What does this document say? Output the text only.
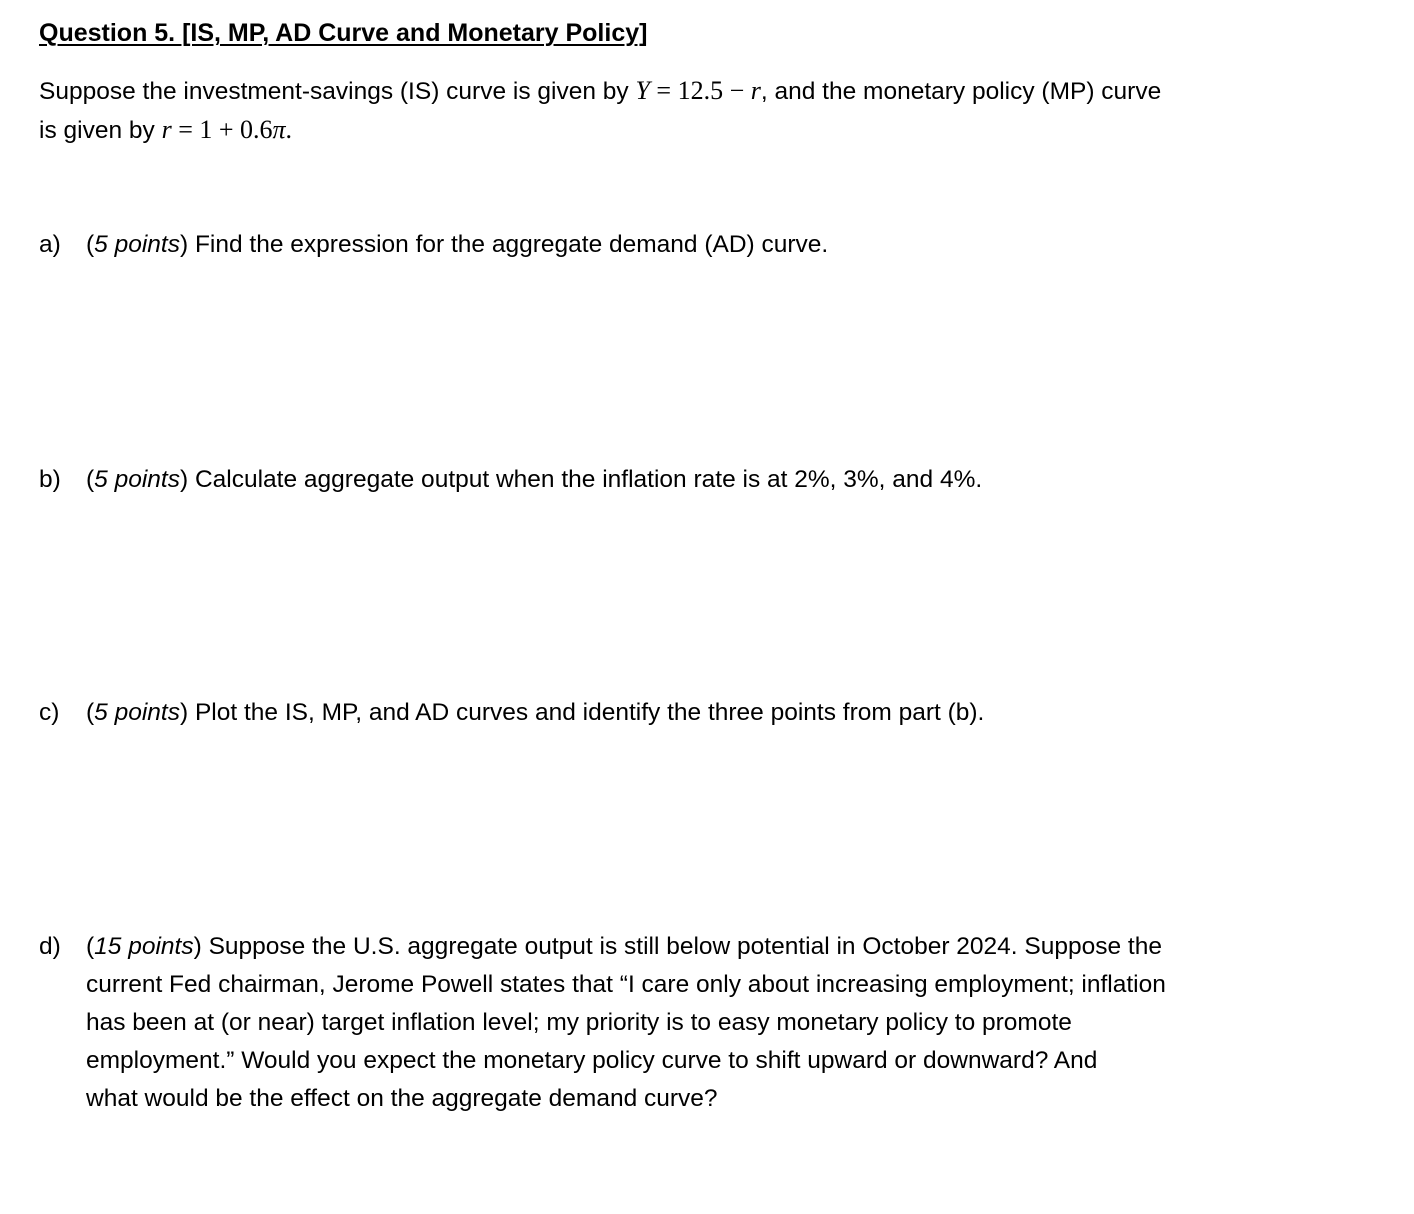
Question 5. [IS, MP, AD Curve and Monetary Policy]
Suppose the investment-savings (IS) curve is given by Y = 12.5 − r, and the monetary policy (MP) curve
is given by r = 1 + 0.6π.
a) (5 points) Find the expression for the aggregate demand (AD) curve.
b) (5 points) Calculate aggregate output when the inflation rate is at 2%, 3%, and 4%.
c) (5 points) Plot the IS, MP, and AD curves and identify the three points from part (b).
d) (15 points) Suppose the U.S. aggregate output is still below potential in October 2024. Suppose the
current Fed chairman, Jerome Powell states that “I care only about increasing employment; inflation
has been at (or near) target inflation level; my priority is to easy monetary policy to promote
employment.” Would you expect the monetary policy curve to shift upward or downward? And
what would be the effect on the aggregate demand curve?
